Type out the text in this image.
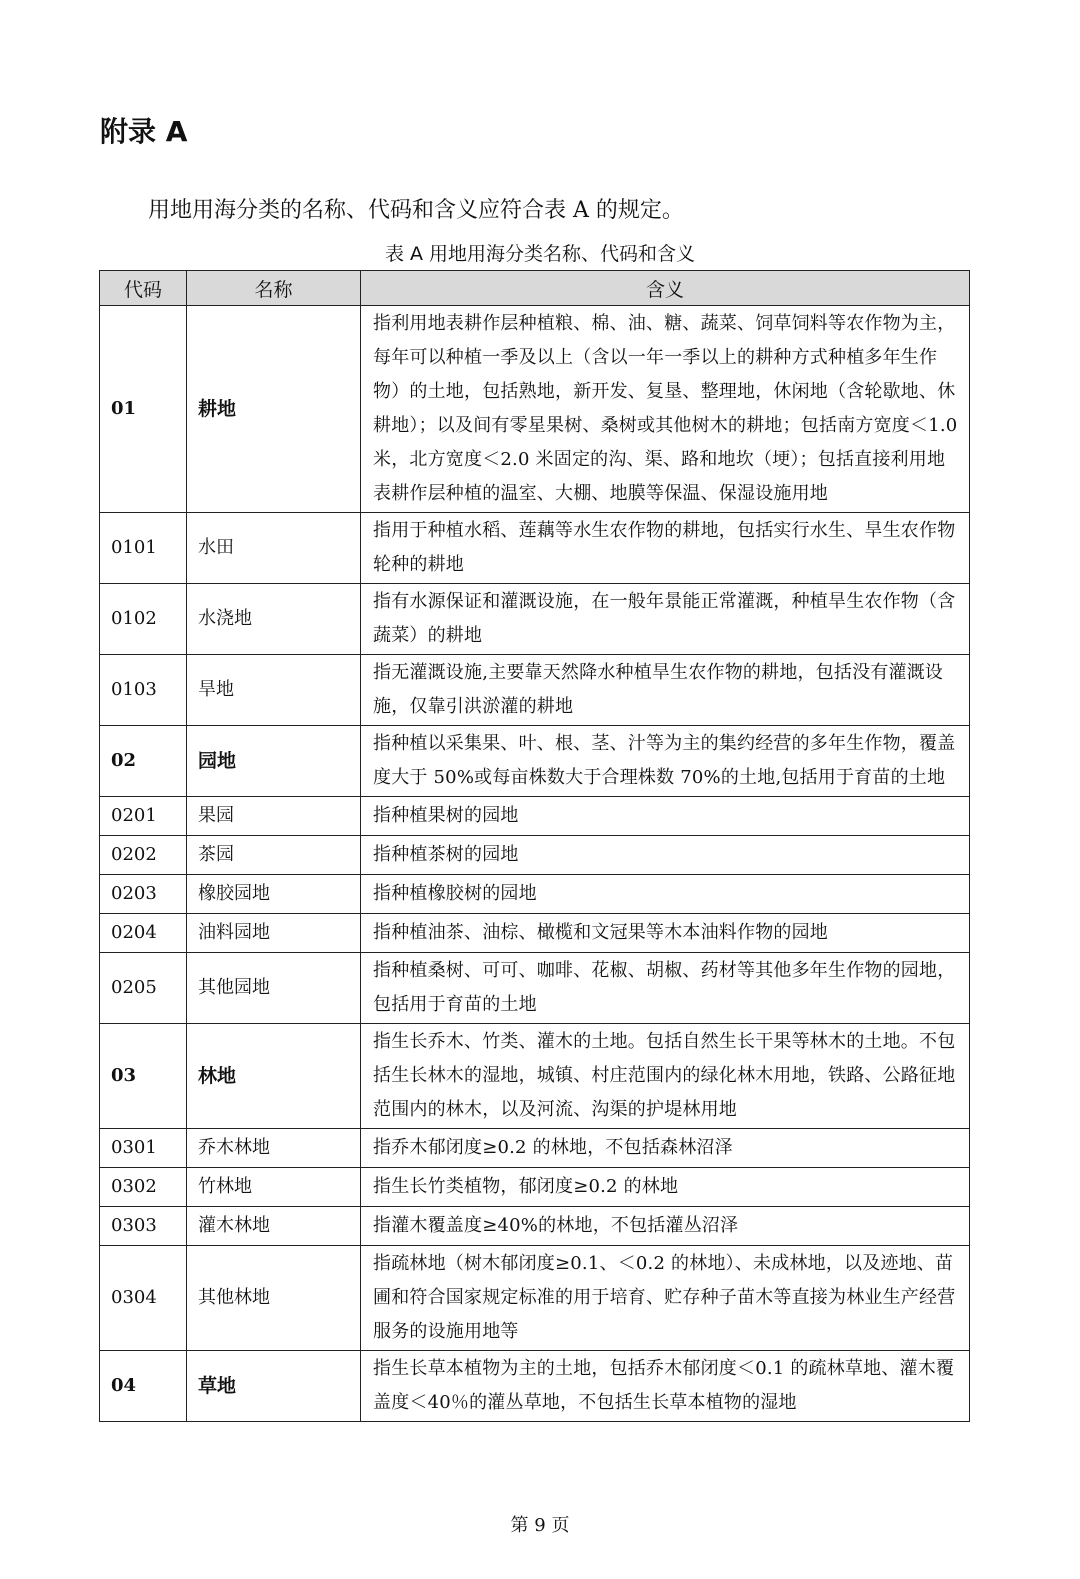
附录 A

用地用海分类的名称、代码和含义应符合表 A 的规定。

表 A 用地用海分类名称、代码和含义

代码	名称	含义
01	耕地	指利用地表耕作层种植粮、棉、油、糖、蔬菜、饲草饲料等农作物为主，每年可以种植一季及以上（含以一年一季以上的耕种方式种植多年生作物）的土地，包括熟地，新开发、复垦、整理地，休闲地（含轮歇地、休耕地）；以及间有零星果树、桑树或其他树木的耕地；包括南方宽度＜1.0 米，北方宽度＜2.0 米固定的沟、渠、路和地坎（埂）；包括直接利用地表耕作层种植的温室、大棚、地膜等保温、保湿设施用地
0101	水田	指用于种植水稻、莲藕等水生农作物的耕地，包括实行水生、旱生农作物轮种的耕地
0102	水浇地	指有水源保证和灌溉设施，在一般年景能正常灌溉，种植旱生农作物（含蔬菜）的耕地
0103	旱地	指无灌溉设施,主要靠天然降水种植旱生农作物的耕地，包括没有灌溉设施，仅靠引洪淤灌的耕地
02	园地	指种植以采集果、叶、根、茎、汁等为主的集约经营的多年生作物，覆盖度大于 50%或每亩株数大于合理株数 70%的土地,包括用于育苗的土地
0201	果园	指种植果树的园地
0202	茶园	指种植茶树的园地
0203	橡胶园地	指种植橡胶树的园地
0204	油料园地	指种植油茶、油棕、橄榄和文冠果等木本油料作物的园地
0205	其他园地	指种植桑树、可可、咖啡、花椒、胡椒、药材等其他多年生作物的园地，包括用于育苗的土地
03	林地	指生长乔木、竹类、灌木的土地。包括自然生长干果等林木的土地。不包括生长林木的湿地，城镇、村庄范围内的绿化林木用地，铁路、公路征地范围内的林木，以及河流、沟渠的护堤林用地
0301	乔木林地	指乔木郁闭度≥0.2 的林地，不包括森林沼泽
0302	竹林地	指生长竹类植物，郁闭度≥0.2 的林地
0303	灌木林地	指灌木覆盖度≥40%的林地，不包括灌丛沼泽
0304	其他林地	指疏林地（树木郁闭度≥0.1、＜0.2 的林地）、未成林地，以及迹地、苗圃和符合国家规定标准的用于培育、贮存种子苗木等直接为林业生产经营服务的设施用地等
04	草地	指生长草本植物为主的土地，包括乔木郁闭度＜0.1 的疏林草地、灌木覆盖度＜40％的灌丛草地，不包括生长草本植物的湿地
第 9 页
